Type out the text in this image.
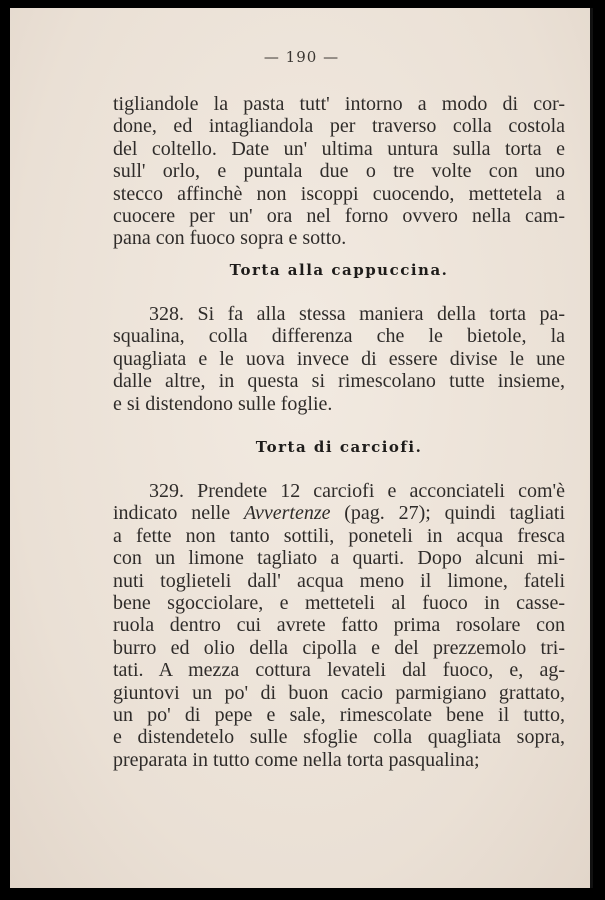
— 190 —
tigliandole la pasta tutt' intorno a modo di cor-
done, ed intagliandola per traverso colla costola
del coltello. Date un' ultima untura sulla torta e
sull' orlo, e puntala due o tre volte con uno
stecco affinchè non iscoppi cuocendo, mettetela a
cuocere per un' ora nel forno ovvero nella cam-
pana con fuoco sopra e sotto.
Torta alla cappuccina.
328. Si fa alla stessa maniera della torta pa-
squalina, colla differenza che le bietole, la
quagliata e le uova invece di essere divise le une
dalle altre, in questa si rimescolano tutte insieme,
e si distendono sulle foglie.
Torta di carciofi.
329. Prendete 12 carciofi e acconciateli com'è
indicato nelle Avvertenze (pag. 27); quindi tagliati
a fette non tanto sottili, poneteli in acqua fresca
con un limone tagliato a quarti. Dopo alcuni mi-
nuti toglieteli dall' acqua meno il limone, fateli
bene sgocciolare, e metteteli al fuoco in casse-
ruola dentro cui avrete fatto prima rosolare con
burro ed olio della cipolla e del prezzemolo tri-
tati. A mezza cottura levateli dal fuoco, e, ag-
giuntovi un po' di buon cacio parmigiano grattato,
un po' di pepe e sale, rimescolate bene il tutto,
e distendetelo sulle sfoglie colla quagliata sopra,
preparata in tutto come nella torta pasqualina;
